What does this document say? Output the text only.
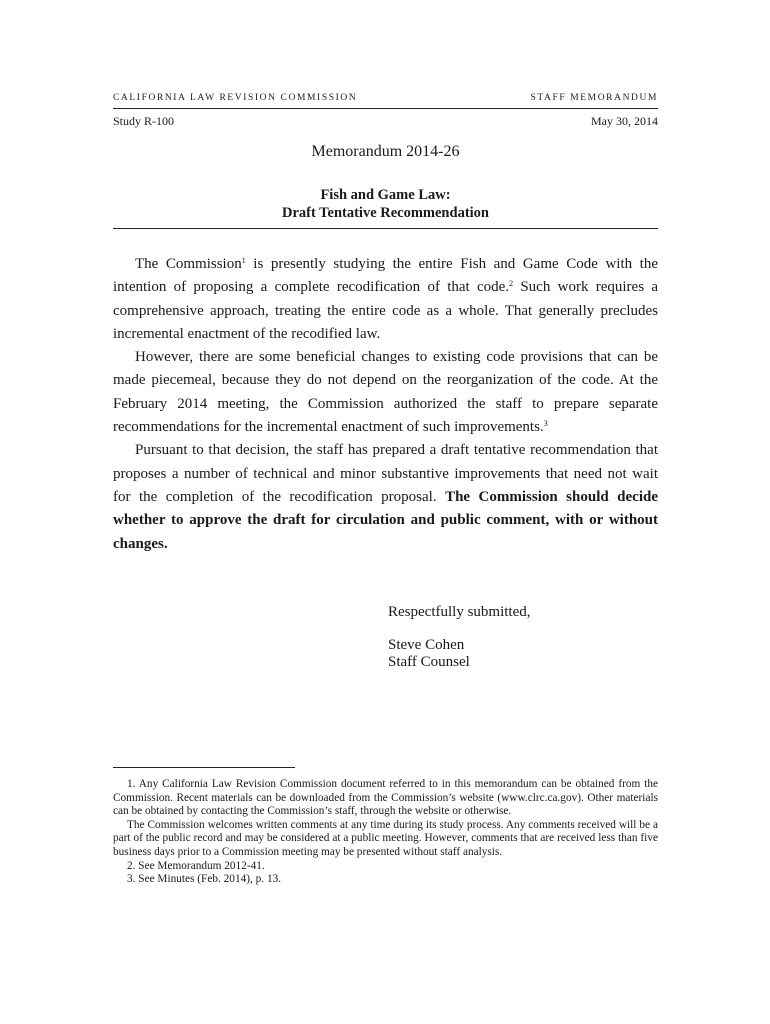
CALIFORNIA LAW REVISION COMMISSION	STAFF MEMORANDUM
Study R-100	May 30, 2014
Memorandum 2014-26
Fish and Game Law:
Draft Tentative Recommendation

The Commission$^1$ is presently studying the entire Fish and Game Code with the intention of proposing a complete recodification of that code.$^2$ Such work requires a comprehensive approach, treating the entire code as a whole. That generally precludes incremental enactment of the recodified law.

However, there are some beneficial changes to existing code provisions that can be made piecemeal, because they do not depend on the reorganization of the code. At the February 2014 meeting, the Commission authorized the staff to prepare separate recommendations for the incremental enactment of such improvements.$^3$

Pursuant to that decision, the staff has prepared a draft tentative recommendation that proposes a number of technical and minor substantive improvements that need not wait for the completion of the recodification proposal. The Commission should decide whether to approve the draft for circulation and public comment, with or without changes.

Respectfully submitted,
Steve Cohen
Staff Counsel

1. Any California Law Revision Commission document referred to in this memorandum can be obtained from the Commission. Recent materials can be downloaded from the Commission’s website (www.clrc.ca.gov). Other materials can be obtained by contacting the Commission’s staff, through the website or otherwise.

The Commission welcomes written comments at any time during its study process. Any comments received will be a part of the public record and may be considered at a public meeting. However, comments that are received less than five business days prior to a Commission meeting may be presented without staff analysis.

2. See Memorandum 2012-41.

3. See Minutes (Feb. 2014), p. 13.
